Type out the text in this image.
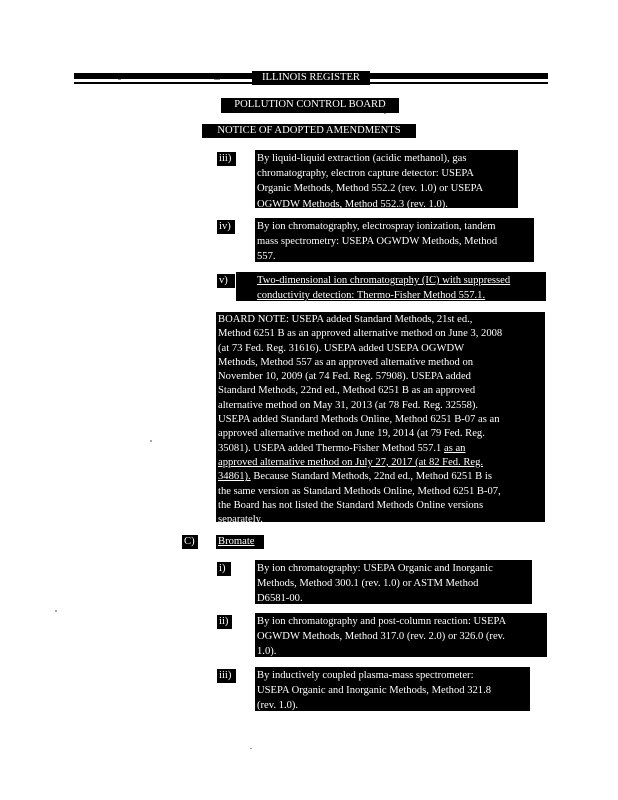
ILLINOIS REGISTER
POLLUTION CONTROL BOARD
NOTICE OF ADOPTED AMENDMENTS
iii)	By liquid-liquid extraction (acidic methanol), gas
chromatography, electron capture detector: USEPA
Organic Methods, Method 552.2 (rev. 1.0) or USEPA
OGWDW Methods, Method 552.3 (rev. 1.0).
iv)	By ion chromatography, electrospray ionization, tandem
mass spectrometry: USEPA OGWDW Methods, Method
557.
v)	Two-dimensional ion chromatography (IC) with suppressed
conductivity detection: Thermo-Fisher Method 557.1.
BOARD NOTE: USEPA added Standard Methods, 21st ed.,
Method 6251 B as an approved alternative method on June 3, 2008
(at 73 Fed. Reg. 31616). USEPA added USEPA OGWDW
Methods, Method 557 as an approved alternative method on
November 10, 2009 (at 74 Fed. Reg. 57908). USEPA added
Standard Methods, 22nd ed., Method 6251 B as an approved
alternative method on May 31, 2013 (at 78 Fed. Reg. 32558).
USEPA added Standard Methods Online, Method 6251 B-07 as an
approved alternative method on June 19, 2014 (at 79 Fed. Reg.
35081). USEPA added Thermo-Fisher Method 557.1 as an
approved alternative method on July 27, 2017 (at 82 Fed. Reg.
34861). Because Standard Methods, 22nd ed., Method 6251 B is
the same version as Standard Methods Online, Method 6251 B-07,
the Board has not listed the Standard Methods Online versions
separately.
C)	Bromate
i)	By ion chromatography: USEPA Organic and Inorganic
Methods, Method 300.1 (rev. 1.0) or ASTM Method
D6581-00.
ii)	By ion chromatography and post-column reaction: USEPA
OGWDW Methods, Method 317.0 (rev. 2.0) or 326.0 (rev.
1.0).
iii)	By inductively coupled plasma-mass spectrometer:
USEPA Organic and Inorganic Methods, Method 321.8
(rev. 1.0).
